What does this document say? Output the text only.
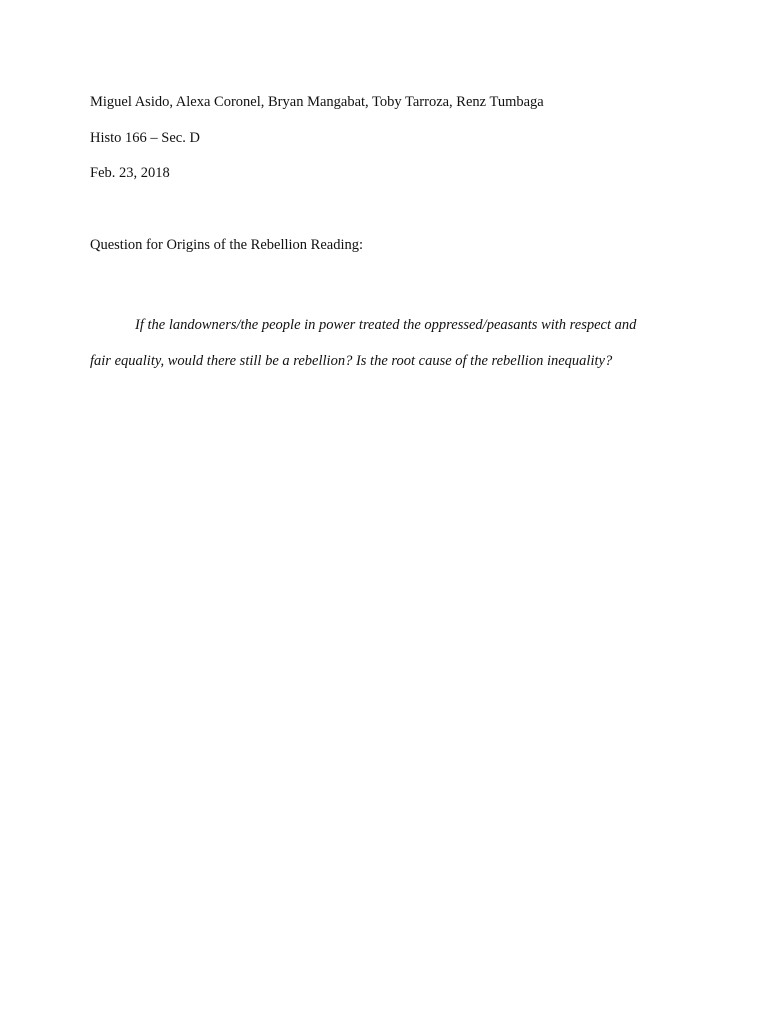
Miguel Asido, Alexa Coronel, Bryan Mangabat, Toby Tarroza, Renz Tumbaga
Histo 166 – Sec. D
Feb. 23, 2018
Question for Origins of the Rebellion Reading:
If the landowners/the people in power treated the oppressed/peasants with respect and
fair equality, would there still be a rebellion? Is the root cause of the rebellion inequality?
